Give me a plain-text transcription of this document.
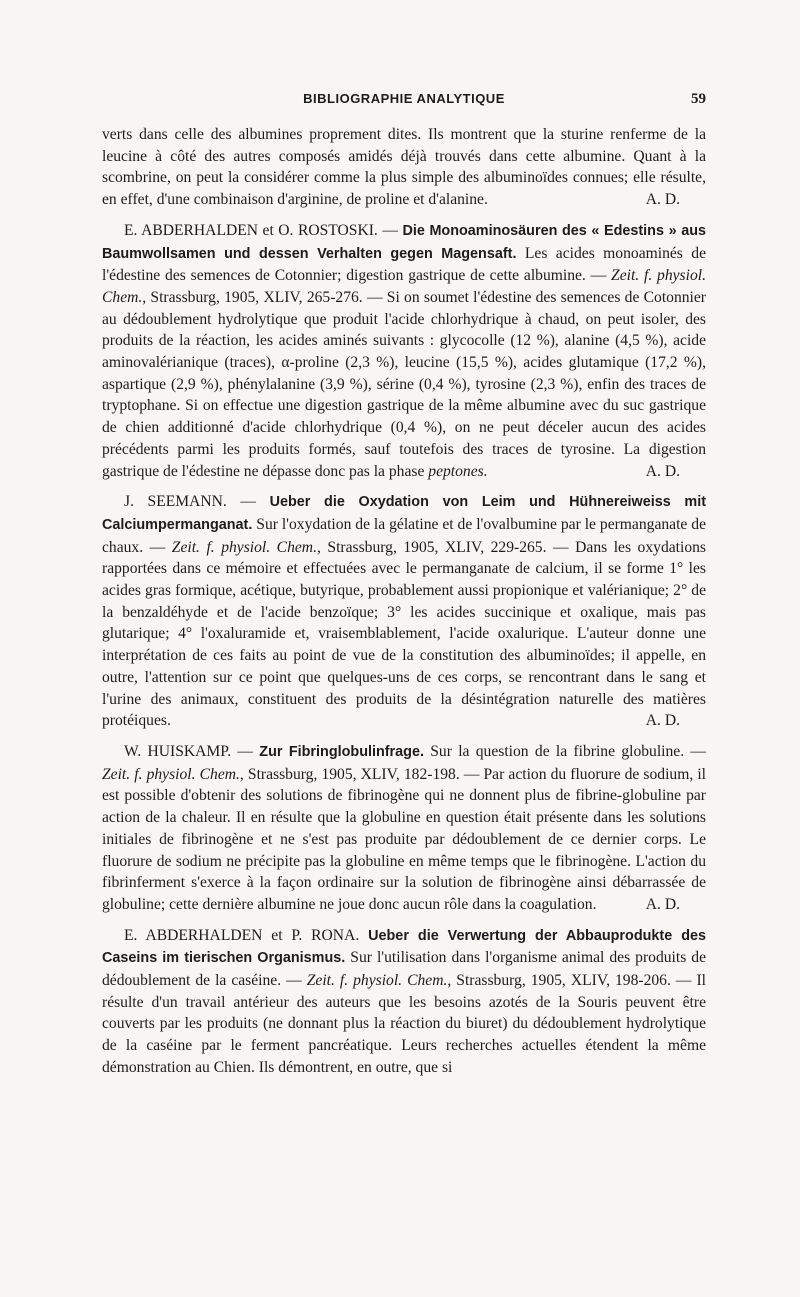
BIBLIOGRAPHIE ANALYTIQUE	59

verts dans celle des albumines proprement dites. Ils montrent que la sturine renferme de la leucine à côté des autres composés amidés déjà trouvés dans cette albumine. Quant à la scombrine, on peut la considérer comme la plus simple des albuminoïdes connues; elle résulte, en effet, d'une combinaison d'arginine, de proline et d'alanine.	A. D.

E. ABDERHALDEN et O. ROSTOSKI. — Die Monoaminosäuren des « Edestins » aus Baumwollsamen und dessen Verhalten gegen Magensaft. Les acides monoaminés de l'édestine des semences de Cotonnier; digestion gastrique de cette albumine. — Zeit. f. physiol. Chem., Strassburg, 1905, XLIV, 265-276. — Si on soumet l'édestine des semences de Cotonnier au dédoublement hydrolytique que produit l'acide chlorhydrique à chaud, on peut isoler, des produits de la réaction, les acides aminés suivants : glycocolle (12 %), alanine (4,5 %), acide aminovalérianique (traces), α-proline (2,3 %), leucine (15,5 %), acides glutamique (17,2 %), aspartique (2,9 %), phénylalanine (3,9 %), sérine (0,4 %), tyrosine (2,3 %), enfin des traces de tryptophane. Si on effectue une digestion gastrique de la même albumine avec du suc gastrique de chien additionné d'acide chlorhydrique (0,4 %), on ne peut déceler aucun des acides précédents parmi les produits formés, sauf toutefois des traces de tyrosine. La digestion gastrique de l'édestine ne dépasse donc pas la phase peptones.	A. D.

J. SEEMANN. — Ueber die Oxydation von Leim und Hühnereiweiss mit Calciumpermanganat. Sur l'oxydation de la gélatine et de l'ovalbumine par le permanganate de chaux. — Zeit. f. physiol. Chem., Strassburg, 1905, XLIV, 229-265. — Dans les oxydations rapportées dans ce mémoire et effectuées avec le permanganate de calcium, il se forme 1° les acides gras formique, acétique, butyrique, probablement aussi propionique et valérianique; 2° de la benzaldéhyde et de l'acide benzoïque; 3° les acides succinique et oxalique, mais pas glutarique; 4° l'oxaluramide et, vraisemblablement, l'acide oxalurique. L'auteur donne une interprétation de ces faits au point de vue de la constitution des albuminoïdes; il appelle, en outre, l'attention sur ce point que quelques-uns de ces corps, se rencontrant dans le sang et l'urine des animaux, constituent des produits de la désintégration naturelle des matières protéiques.	A. D.

W. HUISKAMP. — Zur Fibringlobulinfrage. Sur la question de la fibrine globuline. — Zeit. f. physiol. Chem., Strassburg, 1905, XLIV, 182-198. — Par action du fluorure de sodium, il est possible d'obtenir des solutions de fibrinogène qui ne donnent plus de fibrine-globuline par action de la chaleur. Il en résulte que la globuline en question était présente dans les solutions initiales de fibrinogène et ne s'est pas produite par dédoublement de ce dernier corps. Le fluorure de sodium ne précipite pas la globuline en même temps que le fibrinogène. L'action du fibrinferment s'exerce à la façon ordinaire sur la solution de fibrinogène ainsi débarrassée de globuline; cette dernière albumine ne joue donc aucun rôle dans la coagulation.	A. D.

E. ABDERHALDEN et P. RONA. Ueber die Verwertung der Abbauprodukte des Caseins im tierischen Organismus. Sur l'utilisation dans l'organisme animal des produits de dédoublement de la caséine. — Zeit. f. physiol. Chem., Strassburg, 1905, XLIV, 198-206. — Il résulte d'un travail antérieur des auteurs que les besoins azotés de la Souris peuvent être couverts par les produits (ne donnant plus la réaction du biuret) du dédoublement hydrolytique de la caséine par le ferment pancréatique. Leurs recherches actuelles étendent la même démonstration au Chien. Ils démontrent, en outre, que si
